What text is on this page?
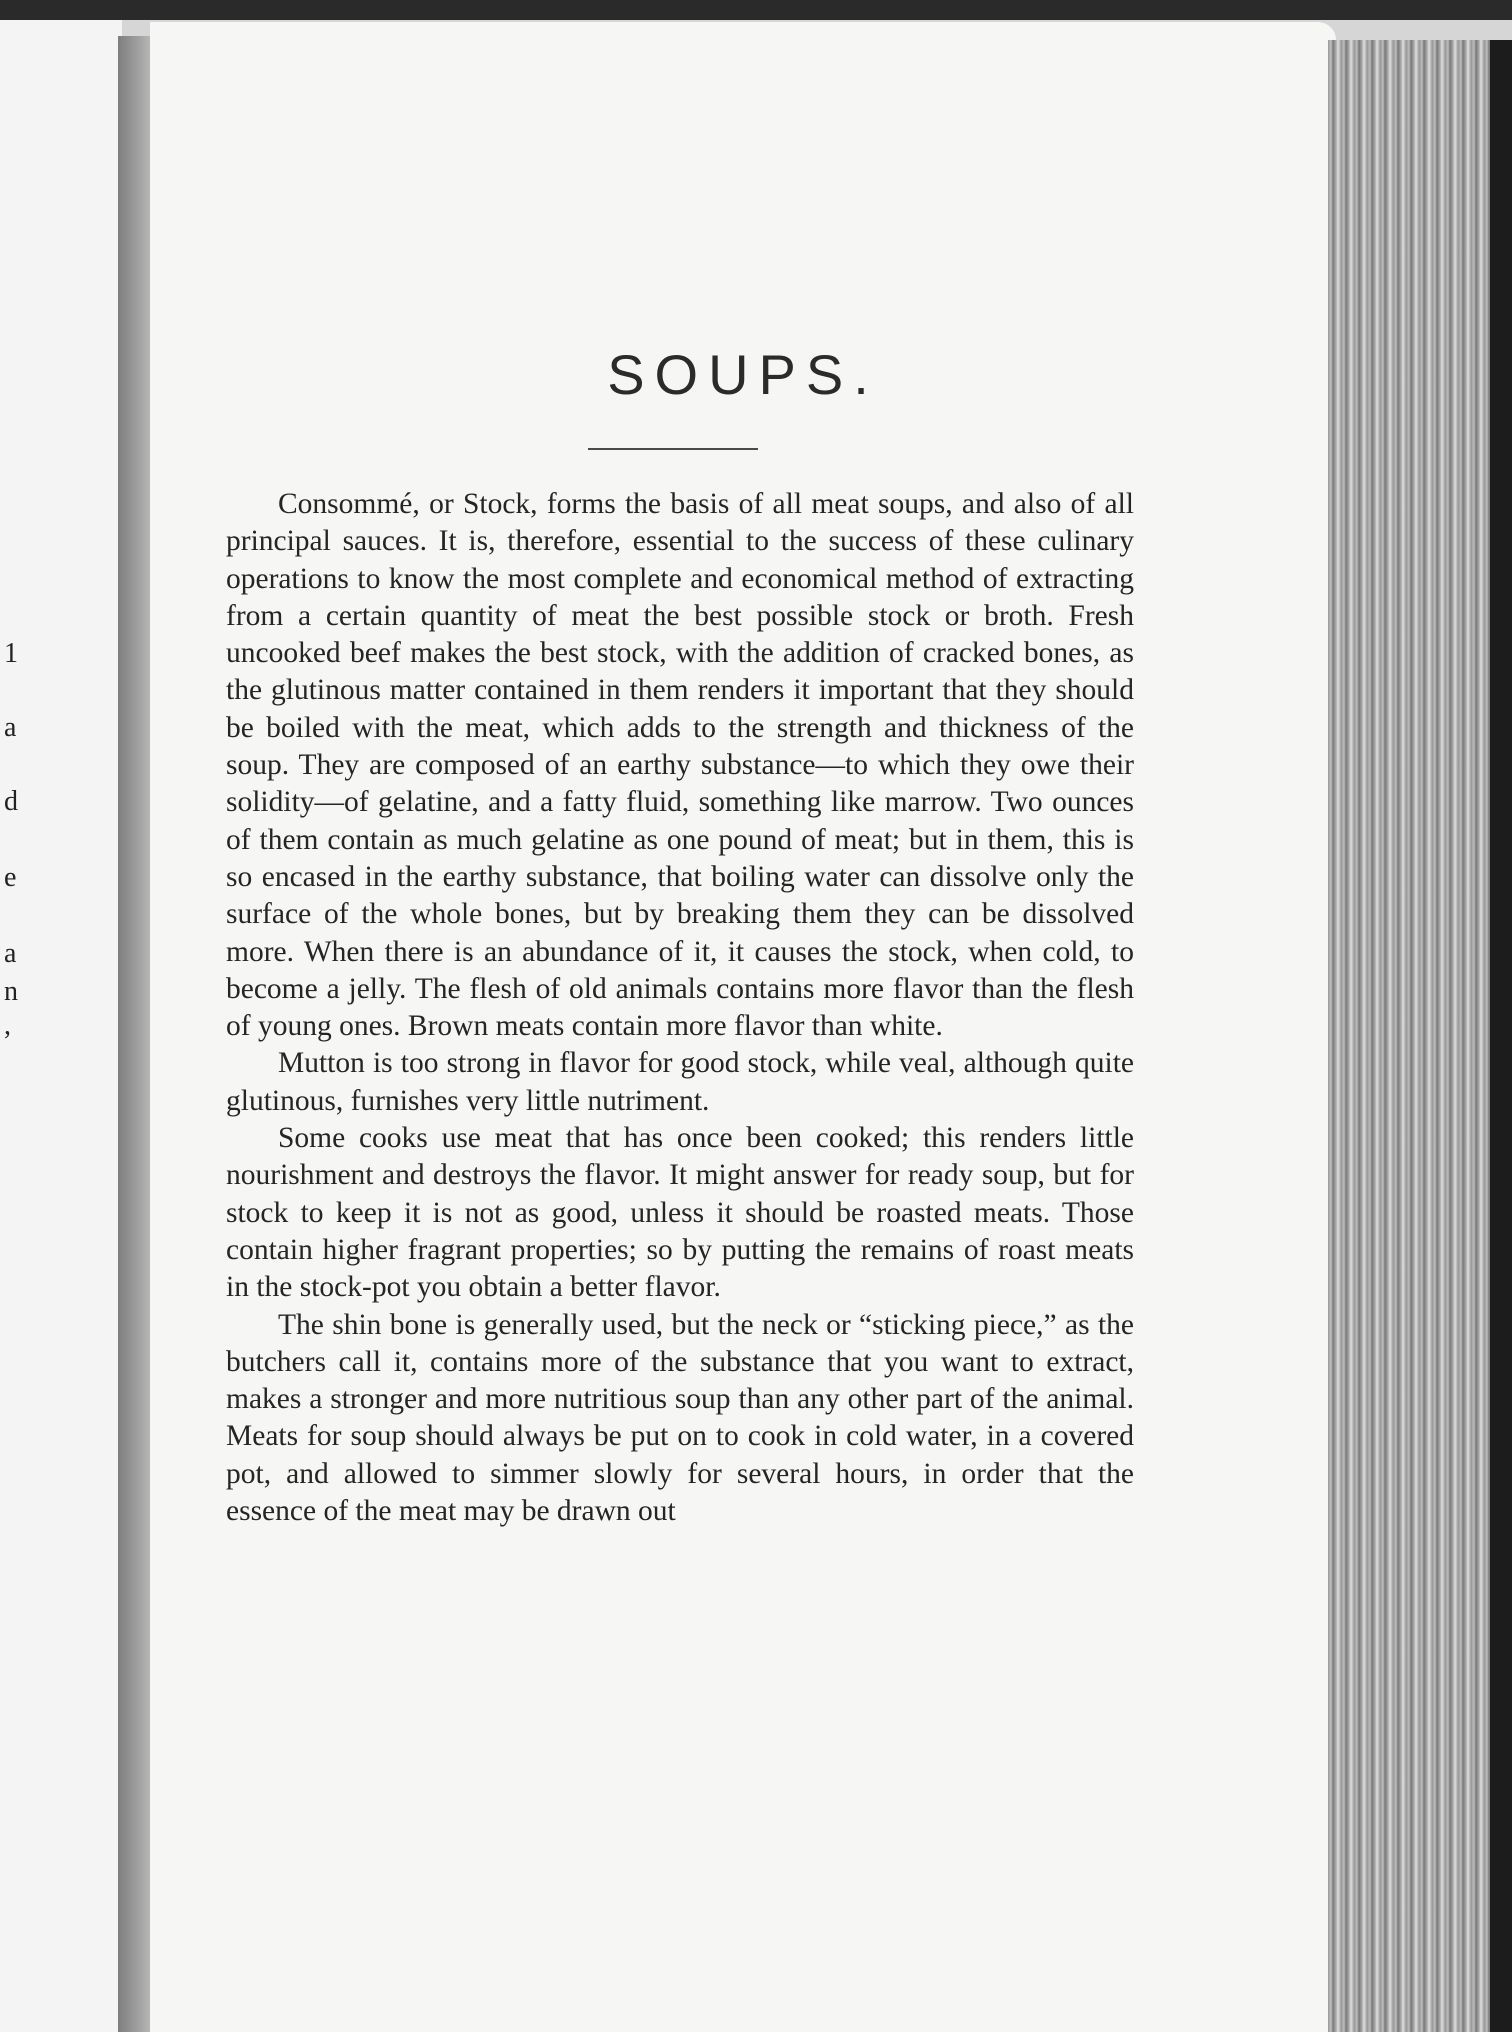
1
a
d
e
a
n
,
SOUPS.

Consommé, or Stock, forms the basis of all meat soups, and also of all principal sauces. It is, therefore, essential to the success of these culinary operations to know the most complete and economical method of extracting from a certain quantity of meat the best possible stock or broth. Fresh uncooked beef makes the best stock, with the addition of cracked bones, as the glutinous matter contained in them renders it important that they should be boiled with the meat, which adds to the strength and thickness of the soup. They are composed of an earthy substance—to which they owe their solidity—of gelatine, and a fatty fluid, something like marrow. Two ounces of them contain as much gelatine as one pound of meat; but in them, this is so encased in the earthy substance, that boiling water can dissolve only the surface of the whole bones, but by breaking them they can be dissolved more. When there is an abundance of it, it causes the stock, when cold, to become a jelly. The flesh of old animals contains more flavor than the flesh of young ones. Brown meats contain more flavor than white.

Mutton is too strong in flavor for good stock, while veal, although quite glutinous, furnishes very little nutriment.

Some cooks use meat that has once been cooked; this renders little nourishment and destroys the flavor. It might answer for ready soup, but for stock to keep it is not as good, unless it should be roasted meats. Those contain higher fragrant properties; so by putting the remains of roast meats in the stock-pot you obtain a better flavor.

The shin bone is generally used, but the neck or “sticking piece,” as the butchers call it, contains more of the substance that you want to extract, makes a stronger and more nutritious soup than any other part of the animal. Meats for soup should always be put on to cook in cold water, in a covered pot, and allowed to simmer slowly for several hours, in order that the essence of the meat may be drawn out
